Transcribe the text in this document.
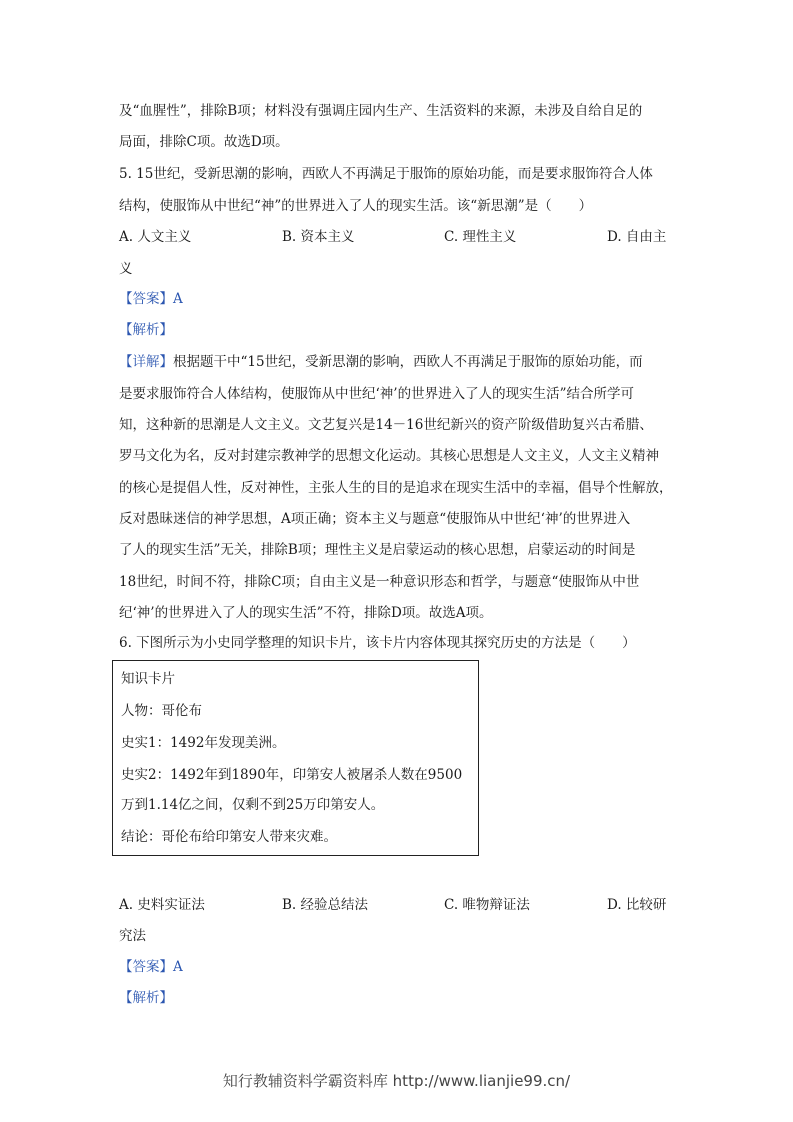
及“血腥性”，排除B项；材料没有强调庄园内生产、生活资料的来源，未涉及自给自足的
局面，排除C项。故选D项。
5. 15世纪，受新思潮的影响，西欧人不再满足于服饰的原始功能，而是要求服饰符合人体
结构，使服饰从中世纪“神”的世界进入了人的现实生活。该“新思潮”是（　　）
A. 人文主义	B. 资本主义	C. 理性主义	D. 自由主
义
【答案】A
【解析】
【详解】根据题干中“15世纪，受新思潮的影响，西欧人不再满足于服饰的原始功能，而
是要求服饰符合人体结构，使服饰从中世纪‘神’的世界进入了人的现实生活”结合所学可
知，这种新的思潮是人文主义。文艺复兴是14－16世纪新兴的资产阶级借助复兴古希腊、
罗马文化为名，反对封建宗教神学的思想文化运动。其核心思想是人文主义，人文主义精神
的核心是提倡人性，反对神性，主张人生的目的是追求在现实生活中的幸福，倡导个性解放，
反对愚昧迷信的神学思想，A项正确；资本主义与题意“使服饰从中世纪‘神’的世界进入
了人的现实生活”无关，排除B项；理性主义是启蒙运动的核心思想，启蒙运动的时间是
18世纪，时间不符，排除C项；自由主义是一种意识形态和哲学，与题意“使服饰从中世
纪‘神’的世界进入了人的现实生活”不符，排除D项。故选A项。
6. 下图所示为小史同学整理的知识卡片，该卡片内容体现其探究历史的方法是（　　）
知识卡片
人物：哥伦布
史实1：1492年发现美洲。
史实2：1492年到1890年，印第安人被屠杀人数在9500
万到1.14亿之间，仅剩不到25万印第安人。
结论：哥伦布给印第安人带来灾难。
A. 史料实证法	B. 经验总结法	C. 唯物辩证法	D. 比较研
究法
【答案】A
【解析】
知行教辅资料学霸资料库 http://www.lianjie99.cn/
